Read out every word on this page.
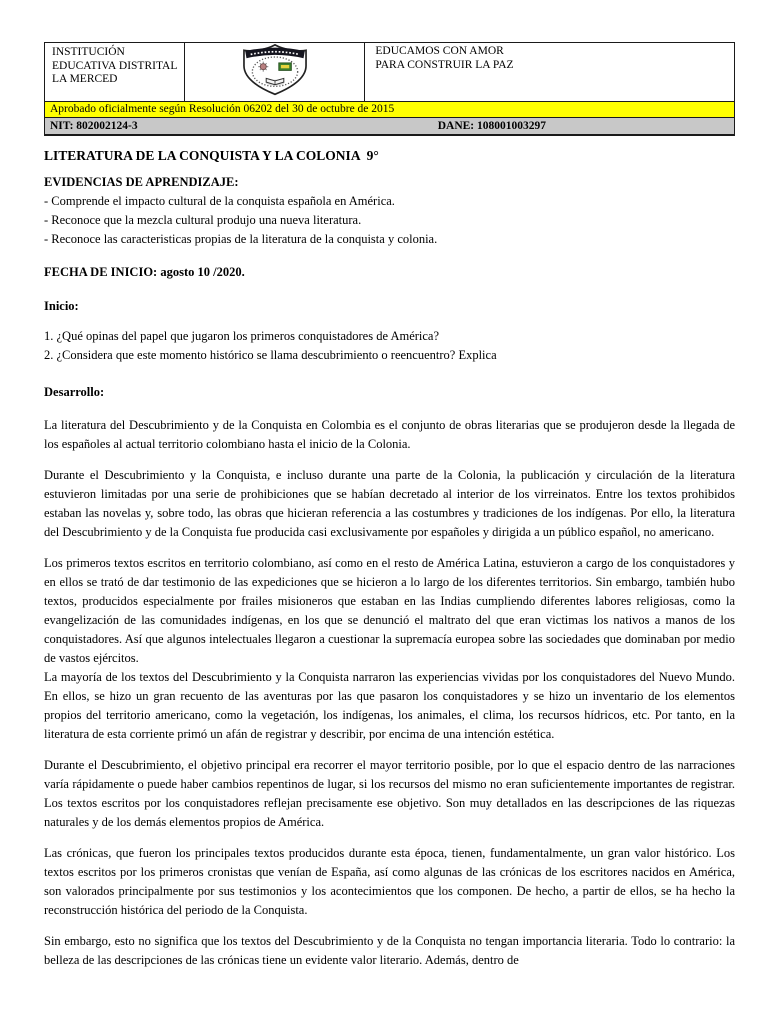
INSTITUCIÓN EDUCATIVA DISTRITAL LA MERCED		
EDUCAMOS CON AMOR
PARA CONSTRUIR LA PAZ

Aprobado oficialmente según Resolución 06202 del 30 de octubre de 2015
NIT: 802002124-3	DANE: 108001003297
LITERATURA DE LA CONQUISTA Y LA COLONIA  9°
EVIDENCIAS DE APRENDIZAJE:
- Comprende el impacto cultural de la conquista española en América.
- Reconoce que la mezcla cultural produjo una nueva literatura.
- Reconoce las caracteristicas propias de la literatura de la conquista y colonia.
FECHA DE INICIO: agosto 10 /2020.
Inicio:
1. ¿Qué opinas del papel que jugaron los primeros conquistadores de América?
2. ¿Considera que este momento histórico se llama descubrimiento o reencuentro? Explica
Desarrollo:

La literatura del Descubrimiento y de la Conquista en Colombia es el conjunto de obras literarias que se produjeron desde la llegada de los españoles al actual territorio colombiano hasta el inicio de la Colonia.

Durante el Descubrimiento y la Conquista, e incluso durante una parte de la Colonia, la publicación y circulación de la literatura estuvieron limitadas por una serie de prohibiciones que se habían decretado al interior de los virreinatos. Entre los textos prohibidos estaban las novelas y, sobre todo, las obras que hicieran referencia a las costumbres y tradiciones de los indígenas. Por ello, la literatura del Descubrimiento y de la Conquista fue producida casi exclusivamente por españoles y dirigida a un público español, no americano.

Los primeros textos escritos en territorio colombiano, así como en el resto de América Latina, estuvieron a cargo de los conquistadores y en ellos se trató de dar testimonio de las expediciones que se hicieron a lo largo de los diferentes territorios. Sin embargo, también hubo textos, producidos especialmente por frailes misioneros que estaban en las Indias cumpliendo diferentes labores religiosas, como la evangelización de las comunidades indígenas, en los que se denunció el maltrato del que eran victimas los nativos a manos de los conquistadores. Así que algunos intelectuales llegaron a cuestionar la supremacía europea sobre las sociedades que dominaban por medio de vastos ejércitos.

La mayoría de los textos del Descubrimiento y la Conquista narraron las experiencias vividas por los conquistadores del Nuevo Mundo. En ellos, se hizo un gran recuento de las aventuras por las que pasaron los conquistadores y se hizo un inventario de los elementos propios del territorio americano, como la vegetación, los indígenas, los animales, el clima, los recursos hídricos, etc. Por tanto, en la literatura de esta corriente primó un afán de registrar y describir, por encima de una intención estética.

Durante el Descubrimiento, el objetivo principal era recorrer el mayor territorio posible, por lo que el espacio dentro de las narraciones varía rápidamente o puede haber cambios repentinos de lugar, si los recursos del mismo no eran suficientemente importantes de registrar. Los textos escritos por los conquistadores reflejan precisamente ese objetivo. Son muy detallados en las descripciones de las riquezas naturales y de los demás elementos propios de América.

Las crónicas, que fueron los principales textos producidos durante esta época, tienen, fundamentalmente, un gran valor histórico. Los textos escritos por los primeros cronistas que venían de España, así como algunas de las crónicas de los escritores nacidos en América, son valorados principalmente por sus testimonios y los acontecimientos que los componen. De hecho, a partir de ellos, se ha hecho la reconstrucción histórica del periodo de la Conquista.

Sin embargo, esto no significa que los textos del Descubrimiento y de la Conquista no tengan importancia literaria. Todo lo contrario: la belleza de las descripciones de las crónicas tiene un evidente valor literario. Además, dentro de
